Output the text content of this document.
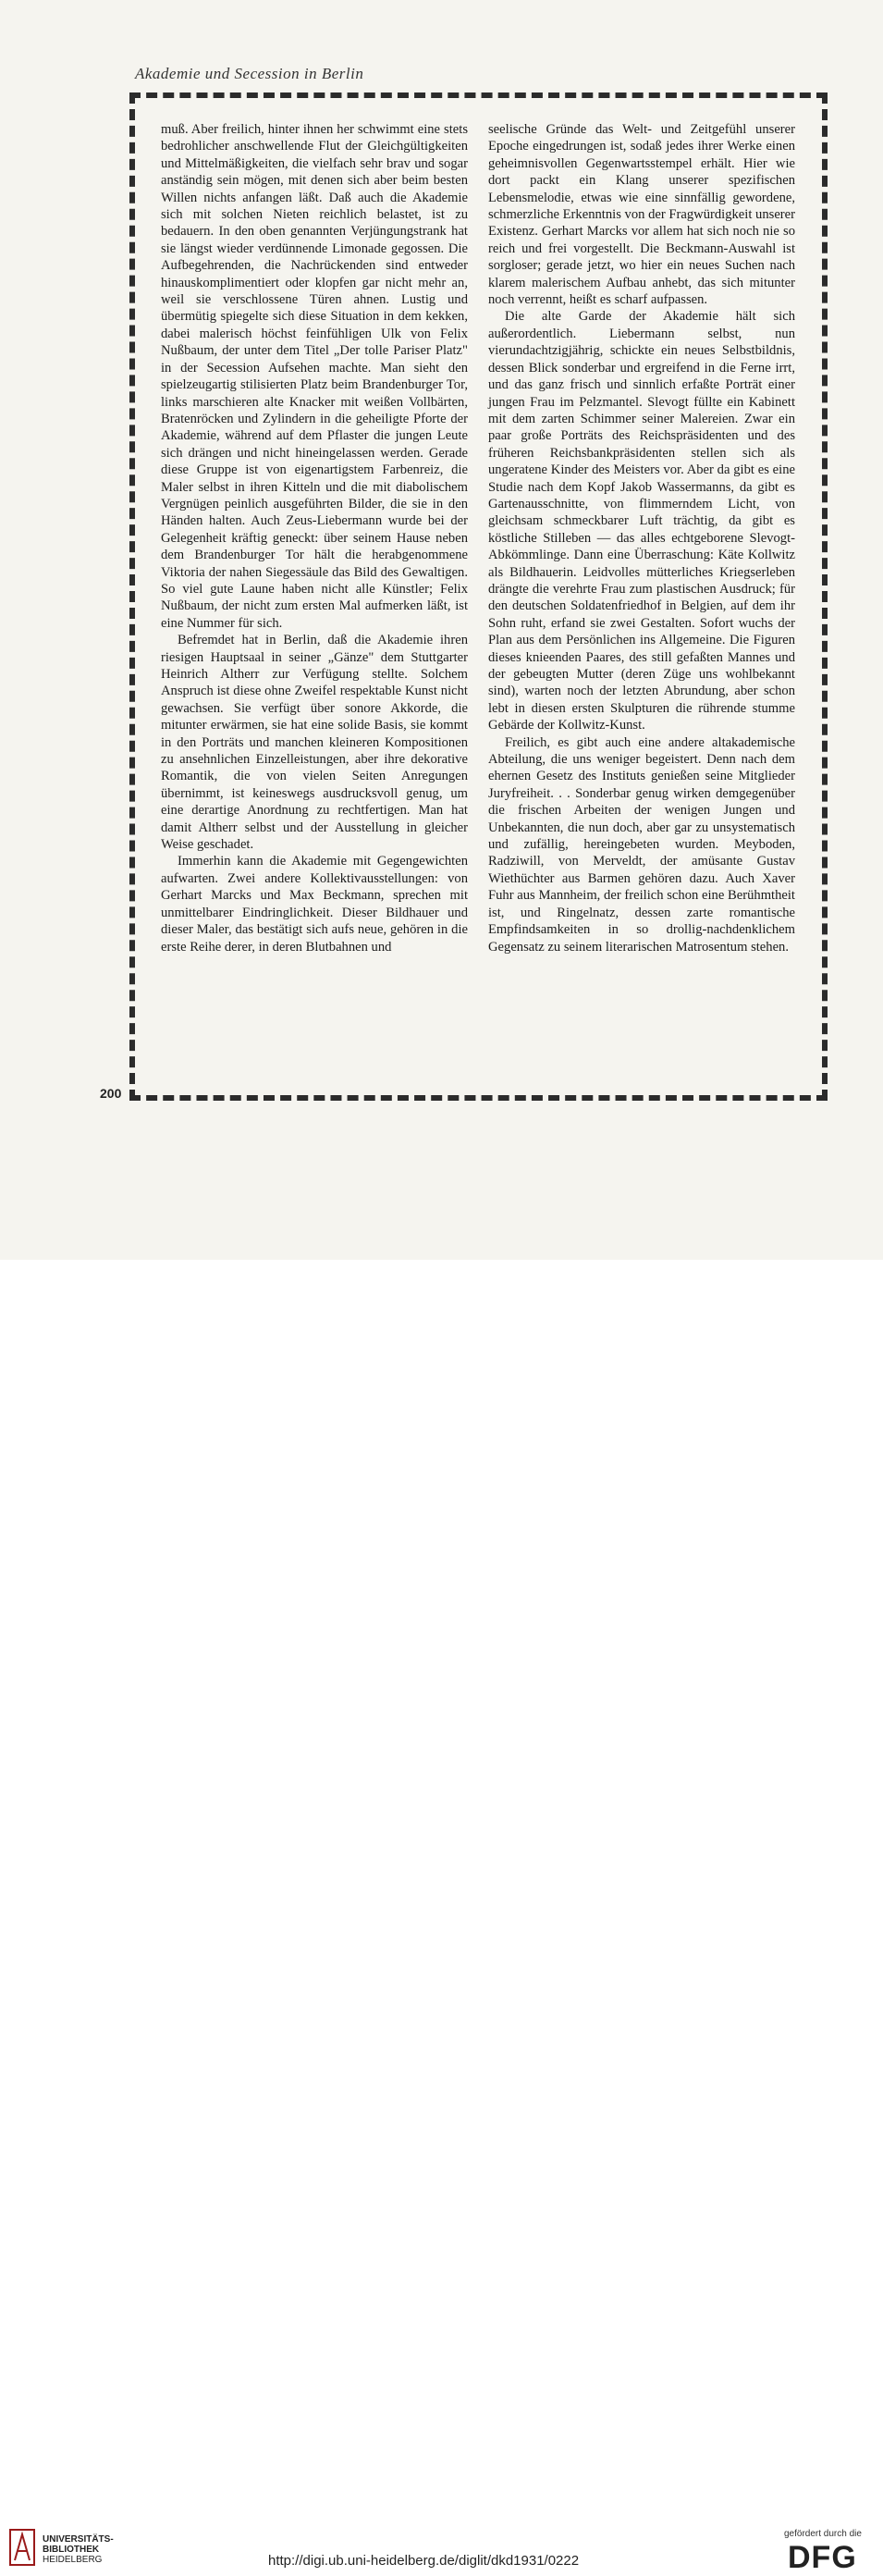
Akademie und Secession in Berlin

muß. Aber freilich, hinter ihnen her schwimmt eine stets bedrohlicher anschwellende Flut der Gleichgültigkeiten und Mittelmäßigkeiten, die vielfach sehr brav und sogar anständig sein mögen, mit denen sich aber beim besten Willen nichts anfangen läßt. Daß auch die Akademie sich mit solchen Nieten reichlich belastet, ist zu bedauern. In den oben genannten Verjüngungstrank hat sie längst wieder verdünnende Limonade gegossen. Die Aufbegehrenden, die Nachrückenden sind entweder hinauskomplimentiert oder klopfen gar nicht mehr an, weil sie verschlossene Türen ahnen. Lustig und übermütig spiegelte sich diese Situation in dem kekken, dabei malerisch höchst feinfühligen Ulk von Felix Nußbaum, der unter dem Titel „Der tolle Pariser Platz" in der Secession Aufsehen machte. Man sieht den spielzeugartig stilisierten Platz beim Brandenburger Tor, links marschieren alte Knacker mit weißen Vollbärten, Bratenröcken und Zylindern in die geheiligte Pforte der Akademie, während auf dem Pflaster die jungen Leute sich drängen und nicht hineingelassen werden. Gerade diese Gruppe ist von eigenartigstem Farbenreiz, die Maler selbst in ihren Kitteln und die mit diabolischem Vergnügen peinlich ausgeführten Bilder, die sie in den Händen halten. Auch Zeus-Liebermann wurde bei der Gelegenheit kräftig geneckt: über seinem Hause neben dem Brandenburger Tor hält die herabgenommene Viktoria der nahen Siegessäule das Bild des Gewaltigen. So viel gute Laune haben nicht alle Künstler; Felix Nußbaum, der nicht zum ersten Mal aufmerken läßt, ist eine Nummer für sich.

Befremdet hat in Berlin, daß die Akademie ihren riesigen Hauptsaal in seiner „Gänze" dem Stuttgarter Heinrich Altherr zur Verfügung stellte. Solchem Anspruch ist diese ohne Zweifel respektable Kunst nicht gewachsen. Sie verfügt über sonore Akkorde, die mitunter erwärmen, sie hat eine solide Basis, sie kommt in den Porträts und manchen kleineren Kompositionen zu ansehnlichen Einzelleistungen, aber ihre dekorative Romantik, die von vielen Seiten Anregungen übernimmt, ist keineswegs ausdrucksvoll genug, um eine derartige Anordnung zu rechtfertigen. Man hat damit Altherr selbst und der Ausstellung in gleicher Weise geschadet.

Immerhin kann die Akademie mit Gegengewichten aufwarten. Zwei andere Kollektivausstellungen: von Gerhart Marcks und Max Beckmann, sprechen mit unmittelbarer Eindringlichkeit. Dieser Bildhauer und dieser Maler, das bestätigt sich aufs neue, gehören in die erste Reihe derer, in deren Blutbahnen und

seelische Gründe das Welt- und Zeitgefühl unserer Epoche eingedrungen ist, sodaß jedes ihrer Werke einen geheimnisvollen Gegenwartsstempel erhält. Hier wie dort packt ein Klang unserer spezifischen Lebensmelodie, etwas wie eine sinnfällig gewordene, schmerzliche Erkenntnis von der Fragwürdigkeit unserer Existenz. Gerhart Marcks vor allem hat sich noch nie so reich und frei vorgestellt. Die Beckmann-Auswahl ist sorgloser; gerade jetzt, wo hier ein neues Suchen nach klarem malerischem Aufbau anhebt, das sich mitunter noch verrennt, heißt es scharf aufpassen.

Die alte Garde der Akademie hält sich außerordentlich. Liebermann selbst, nun vierundachtzigjährig, schickte ein neues Selbstbildnis, dessen Blick sonderbar und ergreifend in die Ferne irrt, und das ganz frisch und sinnlich erfaßte Porträt einer jungen Frau im Pelzmantel. Slevogt füllte ein Kabinett mit dem zarten Schimmer seiner Malereien. Zwar ein paar große Porträts des Reichspräsidenten und des früheren Reichsbankpräsidenten stellen sich als ungeratene Kinder des Meisters vor. Aber da gibt es eine Studie nach dem Kopf Jakob Wassermanns, da gibt es Gartenausschnitte, von flimmerndem Licht, von gleichsam schmeckbarer Luft trächtig, da gibt es köstliche Stilleben — das alles echtgeborene Slevogt-Abkömmlinge. Dann eine Überraschung: Käte Kollwitz als Bildhauerin. Leidvolles mütterliches Kriegserleben drängte die verehrte Frau zum plastischen Ausdruck; für den deutschen Soldatenfriedhof in Belgien, auf dem ihr Sohn ruht, erfand sie zwei Gestalten. Sofort wuchs der Plan aus dem Persönlichen ins Allgemeine. Die Figuren dieses knieenden Paares, des still gefaßten Mannes und der gebeugten Mutter (deren Züge uns wohlbekannt sind), warten noch der letzten Abrundung, aber schon lebt in diesen ersten Skulpturen die rührende stumme Gebärde der Kollwitz-Kunst.

Freilich, es gibt auch eine andere altakademische Abteilung, die uns weniger begeistert. Denn nach dem ehernen Gesetz des Instituts genießen seine Mitglieder Juryfreiheit. . . Sonderbar genug wirken demgegenüber die frischen Arbeiten der wenigen Jungen und Unbekannten, die nun doch, aber gar zu unsystematisch und zufällig, hereingebeten wurden. Meyboden, Radziwill, von Merveldt, der amüsante Gustav Wiethüchter aus Barmen gehören dazu. Auch Xaver Fuhr aus Mannheim, der freilich schon eine Berühmtheit ist, und Ringelnatz, dessen zarte romantische Empfindsamkeiten in so drollig-nachdenklichem Gegensatz zu seinem literarischen Matrosentum stehen.

200
UNIVERSITÄTS-
BIBLIOTHEK
HEIDELBERG	http://digi.ub.uni-heidelberg.de/diglit/dkd1931/0222
gefördert durch die
DFG
